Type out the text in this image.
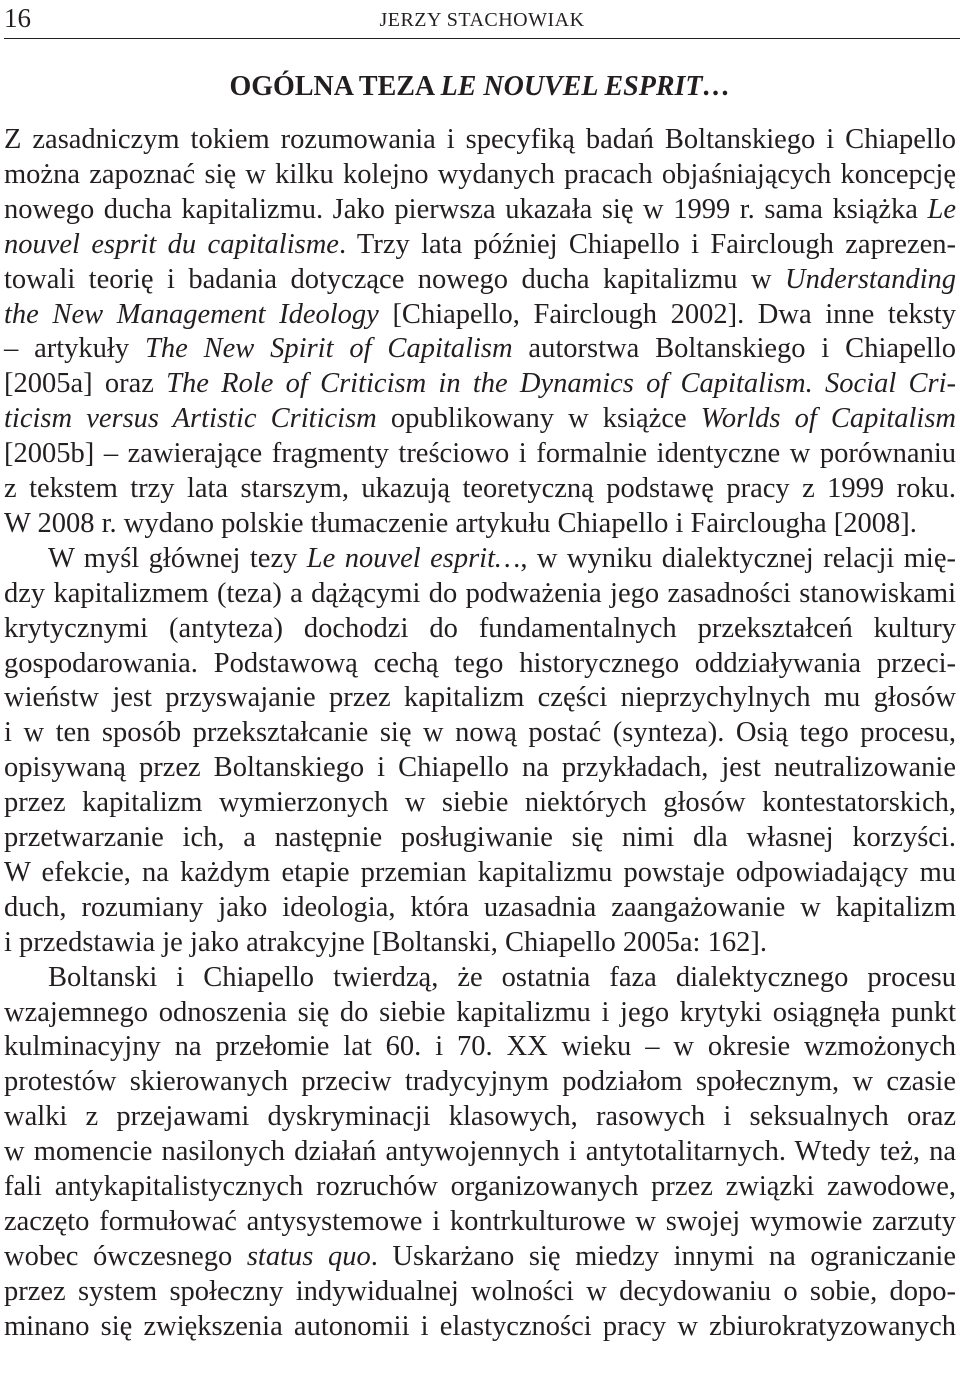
16	JERZY STACHOWIAK
OGÓLNA TEZA LE NOUVEL ESPRIT…
Z zasadniczym tokiem rozumowania i specyfiką badań Boltanskiego i Chiapello
można zapoznać się w kilku kolejno wydanych pracach objaśniających koncepcję
nowego ducha kapitalizmu. Jako pierwsza ukazała się w 1999 r. sama książka Le
nouvel esprit du capitalisme. Trzy lata później Chiapello i Fairclough zaprezen-
towali teorię i badania dotyczące nowego ducha kapitalizmu w Understanding
the New Management Ideology [Chiapello, Fairclough 2002]. Dwa inne teksty
– artykuły The New Spirit of Capitalism autorstwa Boltanskiego i Chiapello
[2005a] oraz The Role of Criticism in the Dynamics of Capitalism. Social Cri-
ticism versus Artistic Criticism opublikowany w książce Worlds of Capitalism
[2005b] – zawierające fragmenty treściowo i formalnie identyczne w porównaniu
z tekstem trzy lata starszym, ukazują teoretyczną podstawę pracy z 1999 roku.
W 2008 r. wydano polskie tłumaczenie artykułu Chiapello i Fairclougha [2008].
W myśl głównej tezy Le nouvel esprit…, w wyniku dialektycznej relacji mię-
dzy kapitalizmem (teza) a dążącymi do podważenia jego zasadności stanowiskami
krytycznymi (antyteza) dochodzi do fundamentalnych przekształceń kultury
gospodarowania. Podstawową cechą tego historycznego oddziaływania przeci-
wieństw jest przyswajanie przez kapitalizm części nieprzychylnych mu głosów
i w ten sposób przekształcanie się w nową postać (synteza). Osią tego procesu,
opisywaną przez Boltanskiego i Chiapello na przykładach, jest neutralizowanie
przez kapitalizm wymierzonych w siebie niektórych głosów kontestatorskich,
przetwarzanie ich, a następnie posługiwanie się nimi dla własnej korzyści.
W efekcie, na każdym etapie przemian kapitalizmu powstaje odpowiadający mu
duch, rozumiany jako ideologia, która uzasadnia zaangażowanie w kapitalizm
i przedstawia je jako atrakcyjne [Boltanski, Chiapello 2005a: 162].
Boltanski i Chiapello twierdzą, że ostatnia faza dialektycznego procesu
wzajemnego odnoszenia się do siebie kapitalizmu i jego krytyki osiągnęła punkt
kulminacyjny na przełomie lat 60. i 70. XX wieku – w okresie wzmożonych
protestów skierowanych przeciw tradycyjnym podziałom społecznym, w czasie
walki z przejawami dyskryminacji klasowych, rasowych i seksualnych oraz
w momencie nasilonych działań antywojennych i antytotalitarnych. Wtedy też, na
fali antykapitalistycznych rozruchów organizowanych przez związki zawodowe,
zaczęto formułować antysystemowe i kontrkulturowe w swojej wymowie zarzuty
wobec ówczesnego status quo. Uskarżano się miedzy innymi na ograniczanie
przez system społeczny indywidualnej wolności w decydowaniu o sobie, dopo-
minano się zwiększenia autonomii i elastyczności pracy w zbiurokratyzowanych
